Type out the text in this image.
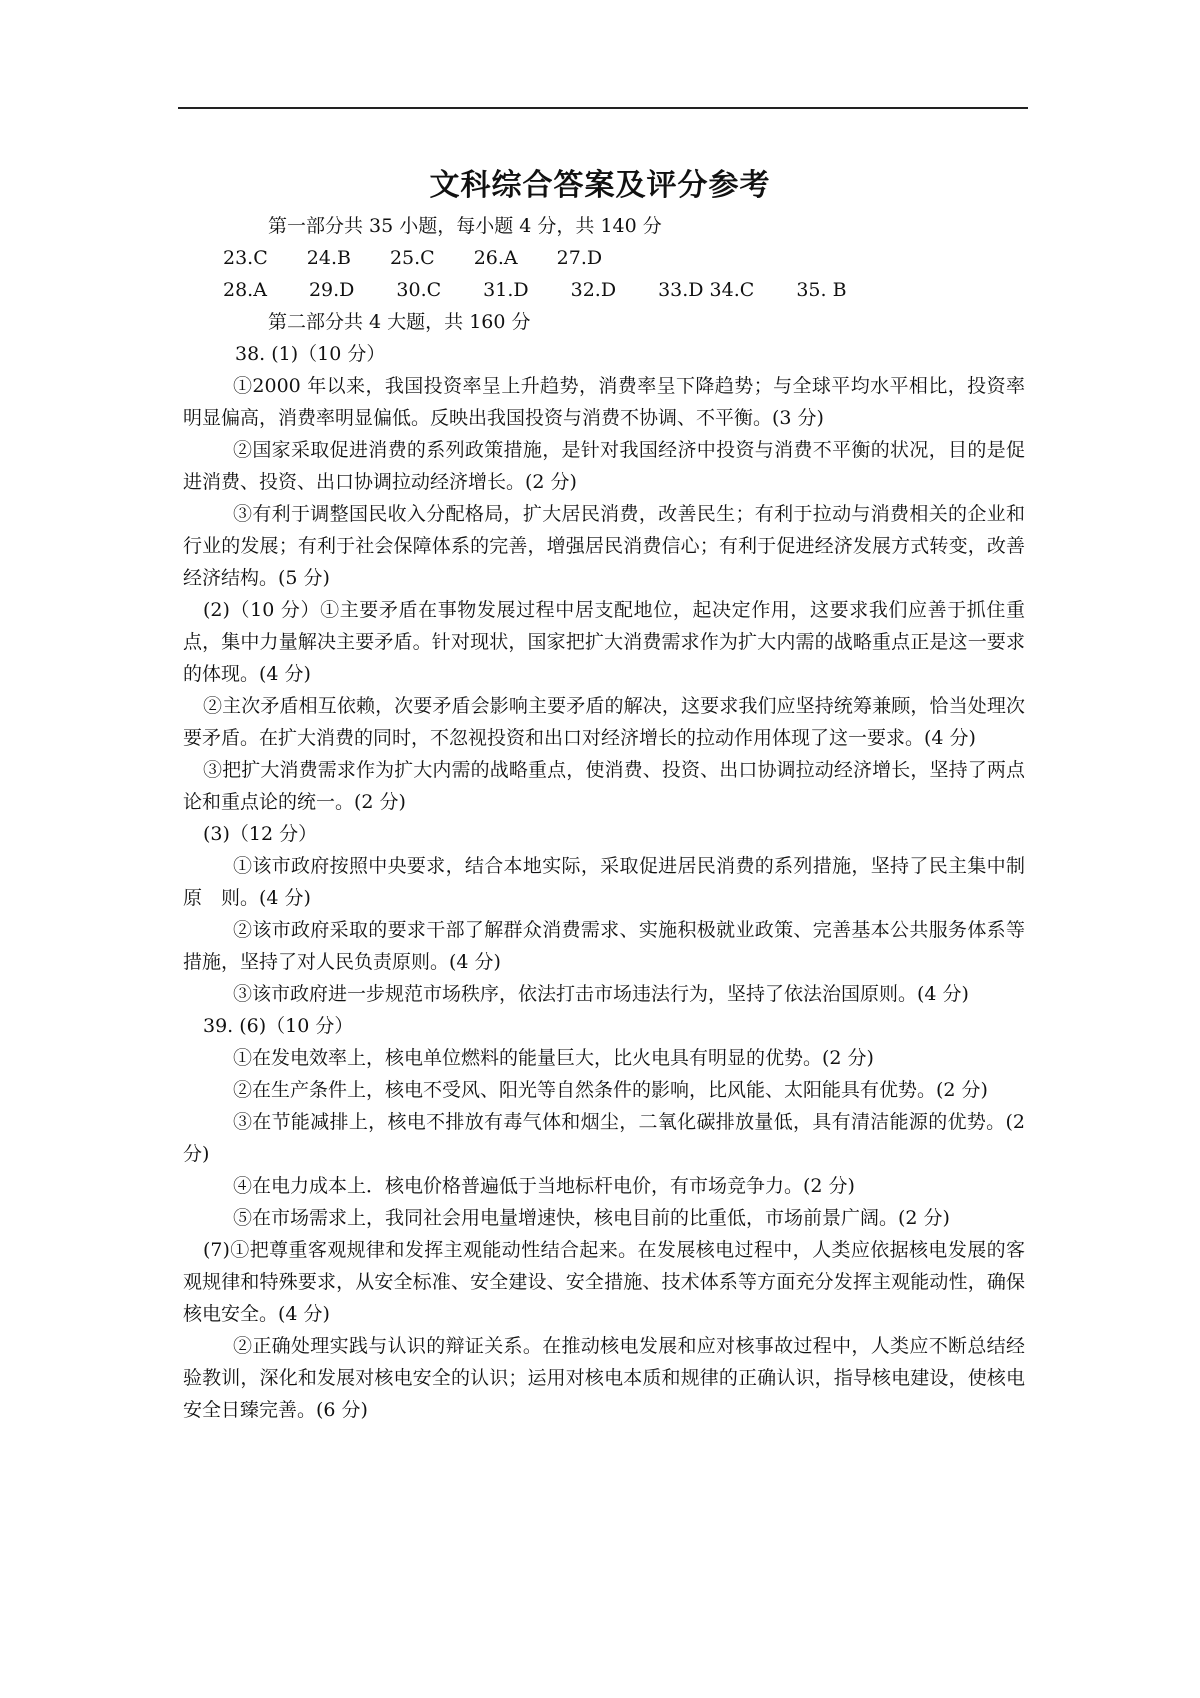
文科综合答案及评分参考

第一部分共 35 小题，每小题 4 分，共 140 分

23.C 24.B 25.C 26.A 27.D

28.A 29.D 30.C 31.D 32.D 33.D 34.C 35. B

第二部分共 4 大题，共 160 分

38. (1)（10 分）

①2000 年以来，我国投资率呈上升趋势，消费率呈下降趋势；与全球平均水平相比，投资率明显偏高，消费率明显偏低。反映出我国投资与消费不协调、不平衡。(3 分)

②国家采取促进消费的系列政策措施，是针对我国经济中投资与消费不平衡的状况，目的是促进消费、投资、出口协调拉动经济增长。(2 分)

③有利于调整国民收入分配格局，扩大居民消费，改善民生；有利于拉动与消费相关的企业和行业的发展；有利于社会保障体系的完善，增强居民消费信心；有利于促进经济发展方式转变，改善经济结构。(5 分)

(2)（10 分）①主要矛盾在事物发展过程中居支配地位，起决定作用，这要求我们应善于抓住重点，集中力量解决主要矛盾。针对现状，国家把扩大消费需求作为扩大内需的战略重点正是这一要求的体现。(4 分)

②主次矛盾相互依赖，次要矛盾会影响主要矛盾的解决，这要求我们应坚持统筹兼顾，恰当处理次要矛盾。在扩大消费的同时，不忽视投资和出口对经济增长的拉动作用体现了这一要求。(4 分)

③把扩大消费需求作为扩大内需的战略重点，使消费、投资、出口协调拉动经济增长，坚持了两点论和重点论的统一。(2 分)

(3)（12 分）

①该市政府按照中央要求，结合本地实际，采取促进居民消费的系列措施，坚持了民主集中制原　则。(4 分)

②该市政府采取的要求干部了解群众消费需求、实施积极就业政策、完善基本公共服务体系等　措施，坚持了对人民负责原则。(4 分)

③该市政府进一步规范市场秩序，依法打击市场违法行为，坚持了依法治国原则。(4 分)

39. (6)（10 分）

①在发电效率上，核电单位燃料的能量巨大，比火电具有明显的优势。(2 分)

②在生产条件上，核电不受风、阳光等自然条件的影响，比风能、太阳能具有优势。(2 分)

③在节能减排上，核电不排放有毒气体和烟尘，二氧化碳排放量低，具有清洁能源的优势。(2 分)

④在电力成本上．核电价格普遍低于当地标杆电价，有市场竞争力。(2 分)

⑤在市场需求上，我同社会用电量增速快，核电目前的比重低，市场前景广阔。(2 分)

(7)①把尊重客观规律和发挥主观能动性结合起来。在发展核电过程中，人类应依据核电发展的客观规律和特殊要求，从安全标准、安全建设、安全措施、技术体系等方面充分发挥主观能动性，确保核电安全。(4 分)

②正确处理实践与认识的辩证关系。在推动核电发展和应对核事故过程中，人类应不断总结经验教训，深化和发展对核电安全的认识；运用对核电本质和规律的正确认识，指导核电建设，使核电安全日臻完善。(6 分)
